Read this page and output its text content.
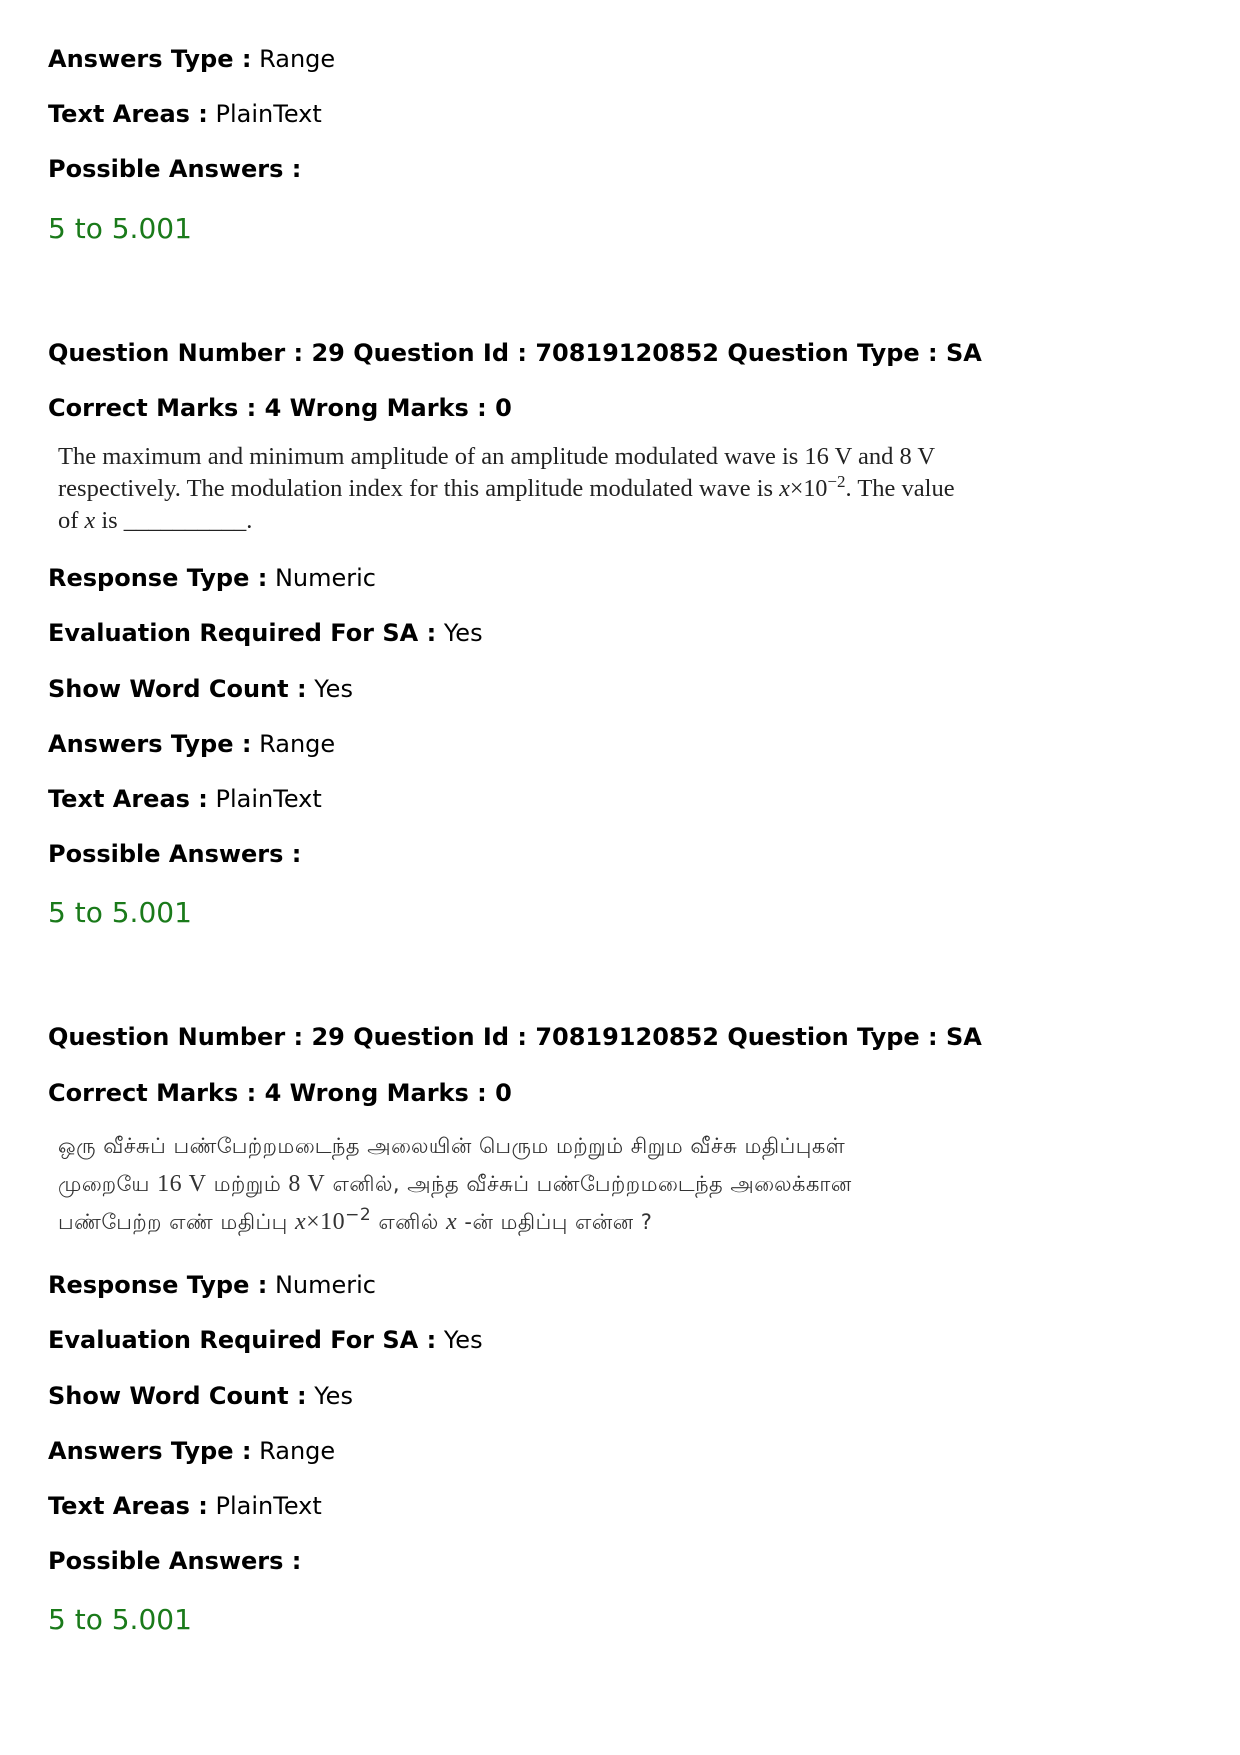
Answers Type : Range
Text Areas : PlainText
Possible Answers :
5 to 5.001
Question Number : 29 Question Id : 70819120852 Question Type : SA
Correct Marks : 4 Wrong Marks : 0
The maximum and minimum amplitude of an amplitude modulated wave is 16 V and 8 V respectively. The modulation index for this amplitude modulated wave is $x\times 10^{-2}$. The value of x is __________.
Response Type : Numeric
Evaluation Required For SA : Yes
Show Word Count : Yes
Answers Type : Range
Text Areas : PlainText
Possible Answers :
5 to 5.001
Question Number : 29 Question Id : 70819120852 Question Type : SA
Correct Marks : 4 Wrong Marks : 0
ஒரு வீச்சுப் பண்பேற்றமடைந்த அலையின் பெரும மற்றும் சிறும வீச்சு மதிப்புகள்
முறையே 16 V மற்றும் 8 V எனில், அந்த வீச்சுப் பண்பேற்றமடைந்த அலைக்கான
பண்பேற்ற எண் மதிப்பு $x\times 10^{-2}$ எனில் x -ன் மதிப்பு என்ன ?
Response Type : Numeric
Evaluation Required For SA : Yes
Show Word Count : Yes
Answers Type : Range
Text Areas : PlainText
Possible Answers :
5 to 5.001
